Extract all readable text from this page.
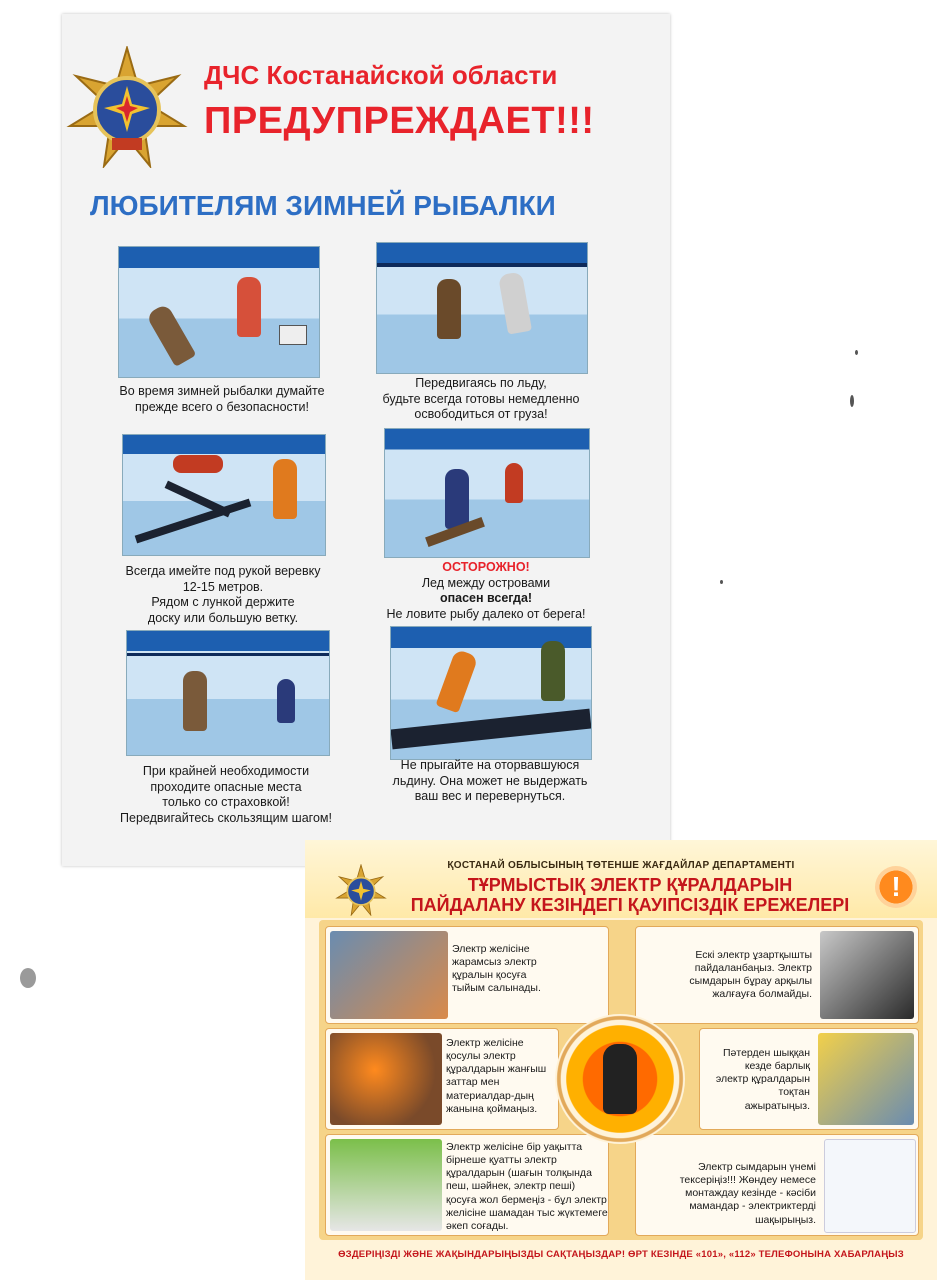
ДЧС Костанайской области
ПРЕДУПРЕЖДАЕТ!!!
ЛЮБИТЕЛЯМ ЗИМНЕЙ РЫБАЛКИ
Во время зимней рыбалки думайте
прежде всего о безопасности!
Передвигаясь по льду,
будьте всегда готовы немедленно
освободиться от груза!
Всегда имейте под рукой веревку
12-15 метров.
Рядом с лункой держите
доску или большую ветку.
ОСТОРОЖНО!
Лед между островами
опасен всегда!
Не ловите рыбу далеко от берега!
При крайней необходимости
проходите опасные места
только со страховкой!
Передвигайтесь скользящим шагом!
Не прыгайте на оторвавшуюся
льдину. Она может не выдержать
ваш вес и перевернуться.
ҚОСТАНАЙ ОБЛЫСЫНЫҢ ТӨТЕНШЕ ЖАҒДАЙЛАР ДЕПАРТАМЕНТІ
ТҰРМЫСТЫҚ ЭЛЕКТР ҚҰРАЛДАРЫН
ПАЙДАЛАНУ КЕЗІНДЕГІ ҚАУІПСІЗДІК ЕРЕЖЕЛЕРІ
!
Электр желісіне жарамсыз электр құралын қосуға тыйым салынады.
Электр желісіне қосулы электр құралдарын жанғыш заттар мен материалдар-дың жанына қоймаңыз.
Электр желісіне бір уақытта бірнеше қуатты электр құралдарын (шағын толқында пеш, шәйнек, электр пеші) қосуға жол бермеңіз - бұл электр желісіне шамадан тыс жүктемеге әкеп соғады.
Ескі электр ұзартқышты пайдаланбаңыз. Электр сымдарын бұрау арқылы жалғауға болмайды.
Пәтерден шыққан кезде барлық электр құралдарын тоқтан ажыратыңыз.
Электр сымдарын үнемі тексеріңіз!!! Жөндеу немесе монтаждау кезінде - кәсіби мамандар - электриктерді шақырыңыз.
ӨЗДЕРІҢІЗДІ ЖӘНЕ ЖАҚЫНДАРЫҢЫЗДЫ САҚТАҢЫЗДАР! ӨРТ КЕЗІНДЕ «101», «112» ТЕЛЕФОНЫНА ХАБАРЛАҢЫЗ
